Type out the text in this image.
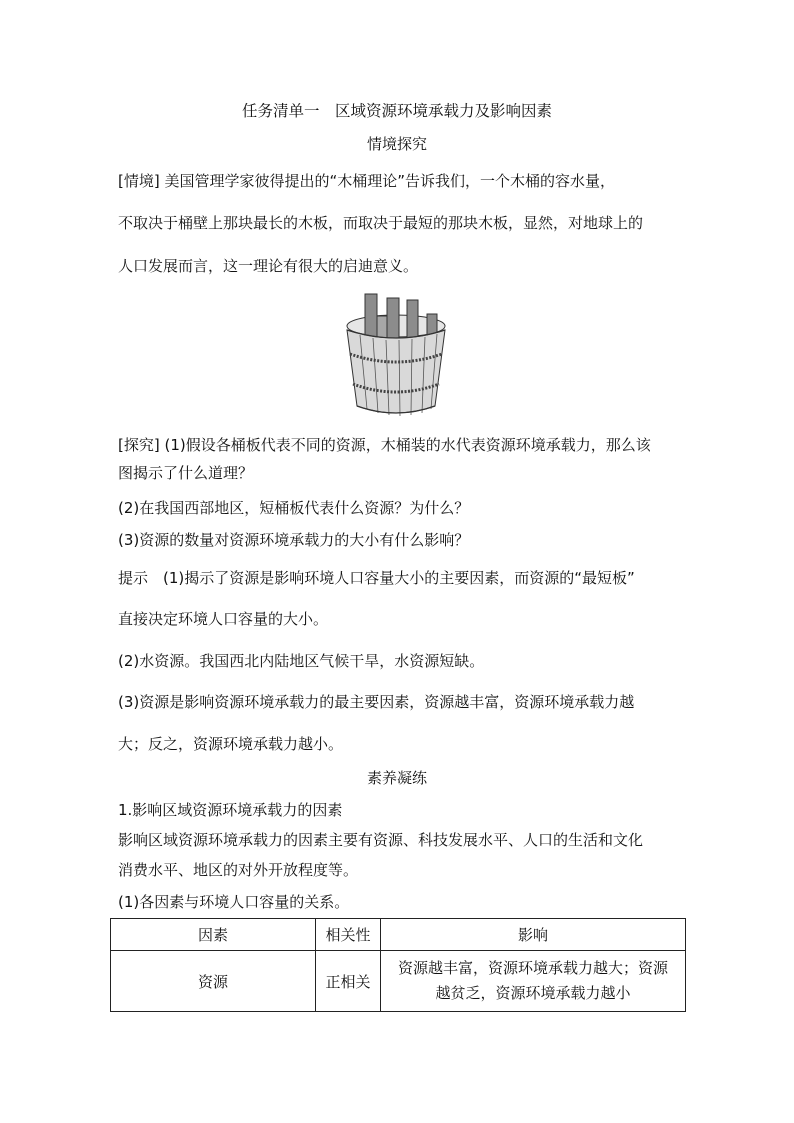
任务清单一　区域资源环境承载力及影响因素
情境探究
[情境] 美国管理学家彼得提出的“木桶理论”告诉我们，一个木桶的容水量，
不取决于桶壁上那块最长的木板，而取决于最短的那块木板，显然，对地球上的
人口发展而言，这一理论有很大的启迪意义。
[探究] (1)假设各桶板代表不同的资源，木桶装的水代表资源环境承载力，那么该
图揭示了什么道理？
(2)在我国西部地区，短桶板代表什么资源？为什么？
(3)资源的数量对资源环境承载力的大小有什么影响？
提示　(1)揭示了资源是影响环境人口容量大小的主要因素，而资源的“最短板”
直接决定环境人口容量的大小。
(2)水资源。我国西北内陆地区气候干旱，水资源短缺。
(3)资源是影响资源环境承载力的最主要因素，资源越丰富，资源环境承载力越
大；反之，资源环境承载力越小。
素养凝练
1.影响区域资源环境承载力的因素
影响区域资源环境承载力的因素主要有资源、科技发展水平、人口的生活和文化
消费水平、地区的对外开放程度等。
(1)各因素与环境人口容量的关系。
因素	相关性	影响
资源	正相关	资源越丰富，资源环境承载力越大；资源
越贫乏，资源环境承载力越小
